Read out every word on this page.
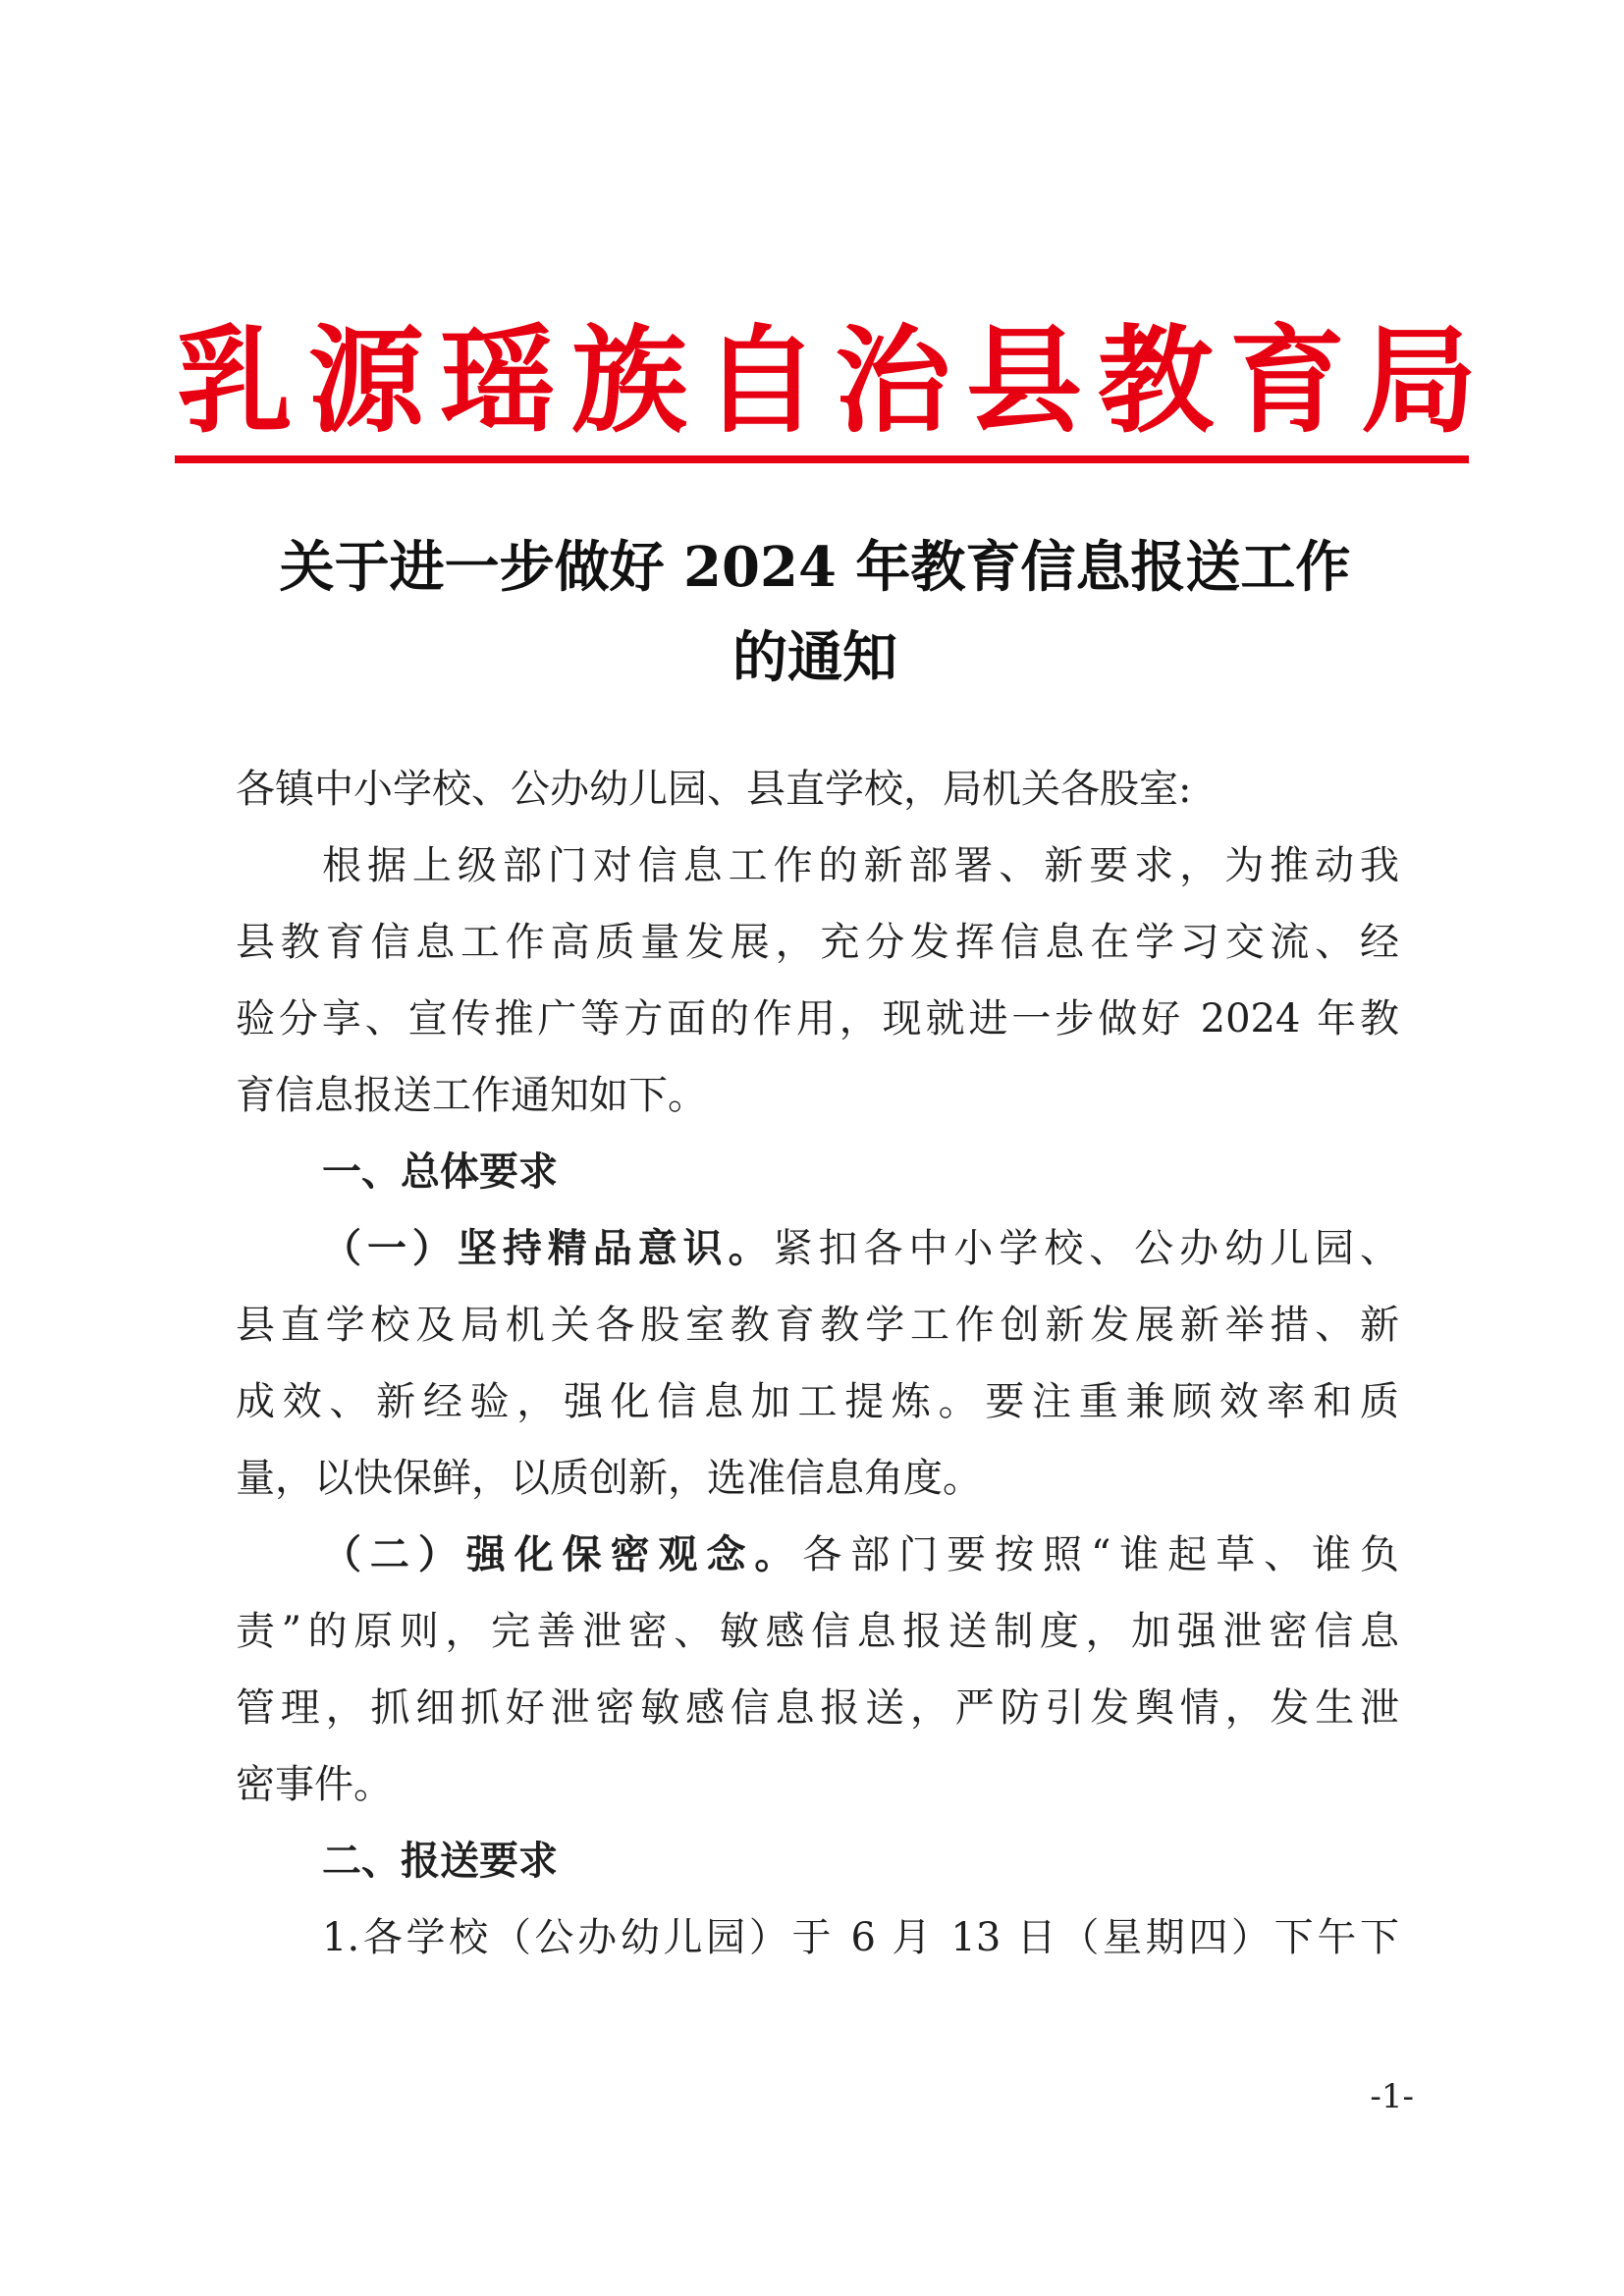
乳源瑶族自治县教育局
关于进一步做好 2024 年教育信息报送工作
的通知
各镇中小学校、公办幼儿园、县直学校，局机关各股室:
根据上级部门对信息工作的新部署、新要求，为推动我
县教育信息工作高质量发展，充分发挥信息在学习交流、经
验分享、宣传推广等方面的作用，现就进一步做好 2024 年教
育信息报送工作通知如下。
一、总体要求
（一）坚持精品意识。紧扣各中小学校、公办幼儿园、
县直学校及局机关各股室教育教学工作创新发展新举措、新
成效、新经验，强化信息加工提炼。要注重兼顾效率和质
量，以快保鲜，以质创新，选准信息角度。
（二）强化保密观念。各部门要按照“谁起草、谁负
责”的原则，完善泄密、敏感信息报送制度，加强泄密信息
管理，抓细抓好泄密敏感信息报送，严防引发舆情，发生泄
密事件。
二、报送要求
1.各学校（公办幼儿园）于 6 月 13 日（星期四）下午下
-1-
